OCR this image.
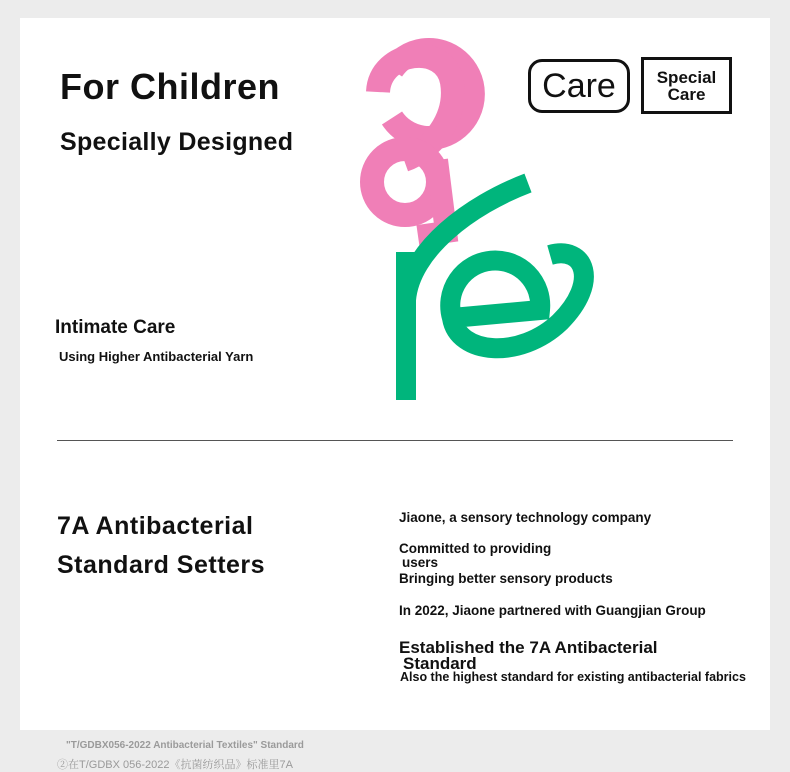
For Children
Specially Designed
Care Special
Care
Intimate Care
Using Higher Antibacterial Yarn
7A Antibacterial
Standard Setters
Jiaone, a sensory technology company
Committed to providing
users
Bringing better sensory products
In 2022, Jiaone partnered with Guangjian Group
Established the 7A Antibacterial
Standard
Also the highest standard for existing antibacterial fabrics
"T/GDBX056-2022 Antibacterial Textiles" Standard
②在T/GDBX 056-2022《抗菌纺织品》标准里7A
